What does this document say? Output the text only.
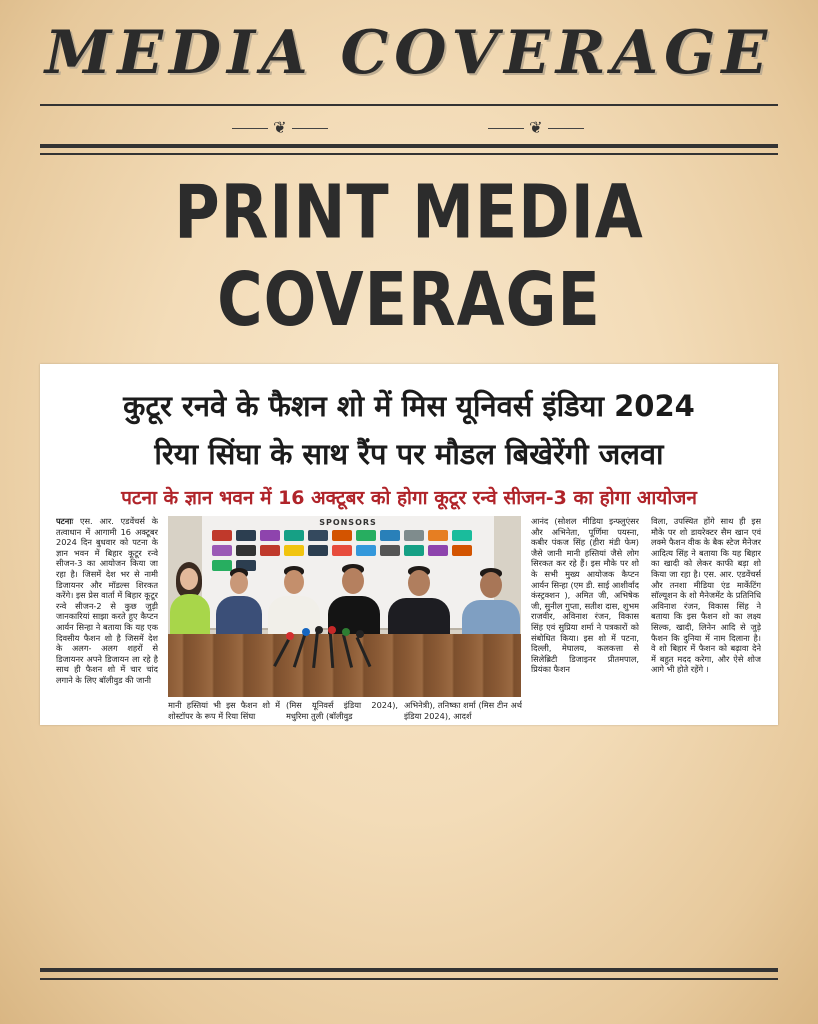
MEDIA COVERAGE
❦	❦
PRINT MEDIA COVERAGE
कुटूर रनवे के फैशन शो में मिस यूनिवर्स इंडिया 2024
रिया सिंघा के साथ रैंप पर मौडल बिखेरेंगी जलवा
पटना के ज्ञान भवन में 16 अक्टूबर को होगा कूटूर रन्वे सीजन-3 का होगा आयोजन
पटनाः एस. आर. एडवेंचर्स के तत्वाधान में आगामी 16 अक्टूबर 2024 दिन बुधवार को पटना के ज्ञान भवन में बिहार कूटूर रन्वे सीजन-3 का आयोजन किया जा रहा है। जिसमें देश भर से नामी डिजायनर और मॉडल्स शिरकत करेंगे। इस प्रेस वार्ता में बिहार कूटूर रन्वे सीजन-2 से कुछ जुड़ी जानकारियां साझा करते हुए कैप्टन आर्यन सिन्हा ने बताया कि यह एक दिवसीय फैशन शो है जिसमें देश के अलग- अलग शहरों से डिजायनर अपने डिजायन ला रहे है साथ ही फैशन शो में चार चांद लगाने के लिए बॉलीवुड की जानी
SPONSORS
मानी हस्तियां भी इस फैशन शो में शोस्टॉपर के रूप में रिया सिंघा
(मिस यूनिवर्स इंडिया 2024), मधुरिमा तुली (बॉलीवुड
अभिनेत्री), तनिष्का शर्मा (मिस टीन अर्थ इंडिया 2024), आदर्श
आनंद (सोशल मीडिया इन्फ्लुएंसर और अभिनेता, पूर्णिमा पयस्ना, कबीर पंकज सिंह (हीरा मंडी फेम) जैसे जानी मानी हस्तियां जैसे लोग सिरकत कर रहे हैं। इस मौके पर शो के सभी मुख्य आयोजक कैप्टन आर्यन सिन्हा (एम डी. साई आशीर्वाद कंस्ट्रक्शन ), अमित जी, अभिषेक जी, सुनील गुप्ता, सतीश दास, शुभम राजवीर, अविनाश रंजन, विकास सिंह एवं सुप्रिया शर्मा ने पत्रकारों को संबोधित किया। इस शो में पटना, दिल्ली, मेघालय, कलकत्ता से सिलेब्रिटी डिजाइनर प्रीतमपाल, प्रियंका फैशन
विला, उपस्थित होंगे साथ ही इस मौके पर शो डायरेक्टर सैम खान एवं लक्मे फैशन वीक के बैक स्टेज मैनेजर आदित्य सिंह ने बताया कि यह बिहार का खादी को लेकर काफी बड़ा शो किया जा रहा है। एस. आर. एडवेंचर्स और तनशा मीडिया एंड मार्केटिंग सॉल्यूशन के शो मैनेजमेंट के प्रतिनिधि अविनाश रंजन, विकास सिंह ने बताया कि इस फैशन शो का लक्ष्य सिल्क, खादी, लिनेन आदि से जुड़े फैशन कि दुनिया में नाम दिलाना है। वे शो बिहार में फैशन को बढ़ावा देने में बहुत मदद करेगा, और ऐसे शोज आगे भी होते रहेंगे ।
